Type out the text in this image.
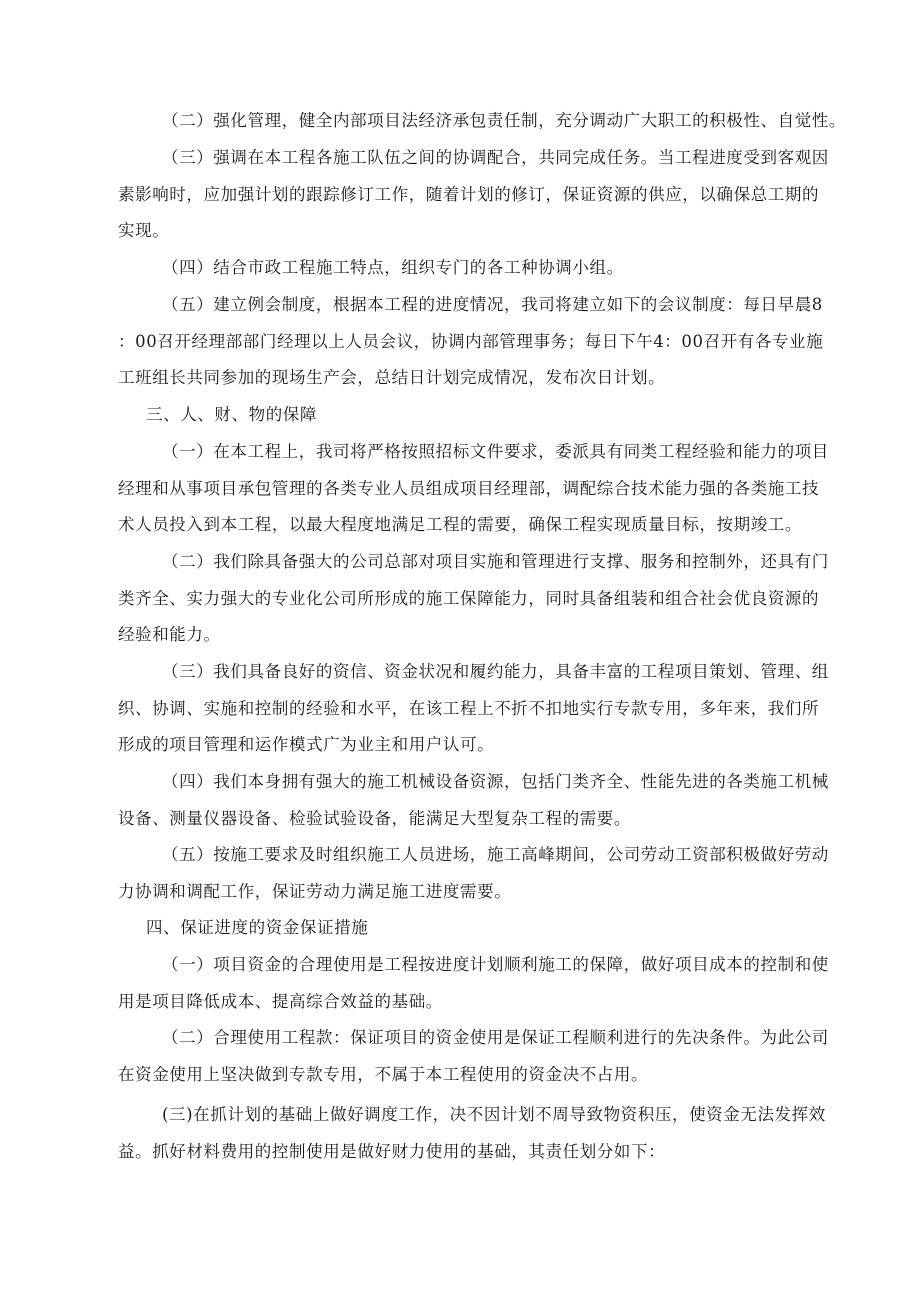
（二）强化管理，健全内部项目法经济承包责任制，充分调动广大职工的积极性、自觉性。

（三）强调在本工程各施工队伍之间的协调配合，共同完成任务。当工程进度受到客观因
素影响时，应加强计划的跟踪修订工作，随着计划的修订，保证资源的供应，以确保总工期的
实现。

（四）结合市政工程施工特点，组织专门的各工种协调小组。

（五）建立例会制度，根据本工程的进度情况，我司将建立如下的会议制度：每日早晨8
：00召开经理部部门经理以上人员会议，协调内部管理事务；每日下午4：00召开有各专业施
工班组长共同参加的现场生产会，总结日计划完成情况，发布次日计划。

三、人、财、物的保障

（一）在本工程上，我司将严格按照招标文件要求，委派具有同类工程经验和能力的项目
经理和从事项目承包管理的各类专业人员组成项目经理部，调配综合技术能力强的各类施工技
术人员投入到本工程，以最大程度地满足工程的需要，确保工程实现质量目标，按期竣工。

（二）我们除具备强大的公司总部对项目实施和管理进行支撑、服务和控制外，还具有门
类齐全、实力强大的专业化公司所形成的施工保障能力，同时具备组装和组合社会优良资源的
经验和能力。

（三）我们具备良好的资信、资金状况和履约能力，具备丰富的工程项目策划、管理、组
织、协调、实施和控制的经验和水平，在该工程上不折不扣地实行专款专用，多年来，我们所
形成的项目管理和运作模式广为业主和用户认可。

（四）我们本身拥有强大的施工机械设备资源，包括门类齐全、性能先进的各类施工机械
设备、测量仪器设备、检验试验设备，能满足大型复杂工程的需要。

（五）按施工要求及时组织施工人员进场，施工高峰期间，公司劳动工资部积极做好劳动
力协调和调配工作，保证劳动力满足施工进度需要。

四、保证进度的资金保证措施

（一）项目资金的合理使用是工程按进度计划顺利施工的保障，做好项目成本的控制和使
用是项目降低成本、提高综合效益的基础。

（二）合理使用工程款：保证项目的资金使用是保证工程顺利进行的先决条件。为此公司
在资金使用上坚决做到专款专用，不属于本工程使用的资金决不占用。

(三)在抓计划的基础上做好调度工作，决不因计划不周导致物资积压，使资金无法发挥效
益。抓好材料费用的控制使用是做好财力使用的基础，其责任划分如下：
